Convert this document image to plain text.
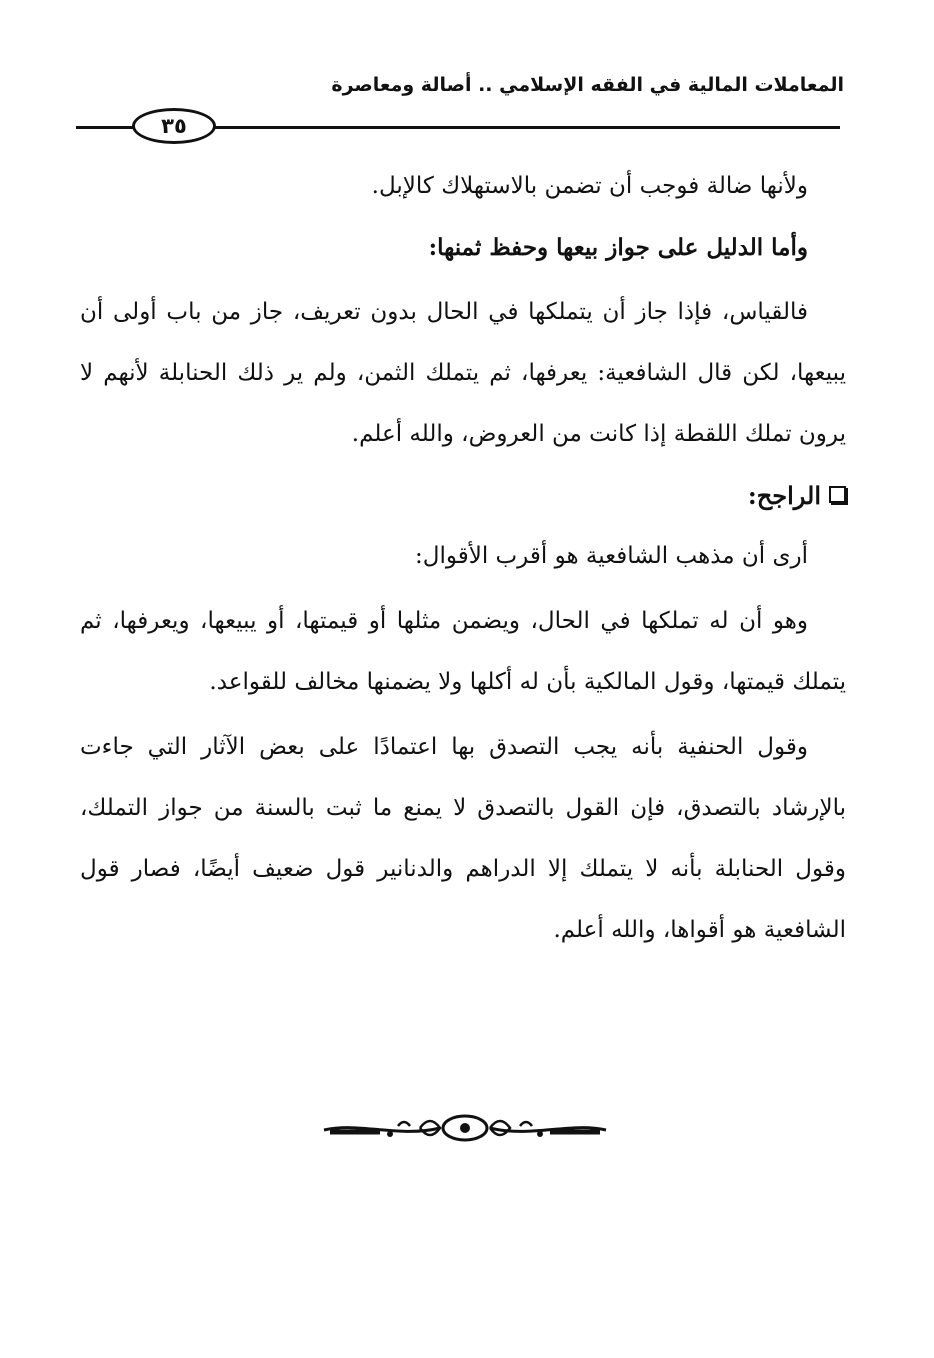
المعاملات المالية في الفقه الإسلامي .. أصالة ومعاصرة
٣٥

ولأنها ضالة فوجب أن تضمن بالاستهلاك كالإبل.

وأما الدليل على جواز بيعها وحفظ ثمنها:

فالقياس، فإذا جاز أن يتملكها في الحال بدون تعريف، جاز من باب أولى أن يبيعها، لكن قال الشافعية: يعرفها، ثم يتملك الثمن، ولم ير ذلك الحنابلة لأنهم لا يرون تملك اللقطة إذا كانت من العروض، والله أعلم.

الراجح:

أرى أن مذهب الشافعية هو أقرب الأقوال:

وهو أن له تملكها في الحال، ويضمن مثلها أو قيمتها، أو يبيعها، ويعرفها، ثم يتملك قيمتها، وقول المالكية بأن له أكلها ولا يضمنها مخالف للقواعد.

وقول الحنفية بأنه يجب التصدق بها اعتمادًا على بعض الآثار التي جاءت بالإرشاد بالتصدق، فإن القول بالتصدق لا يمنع ما ثبت بالسنة من جواز التملك، وقول الحنابلة بأنه لا يتملك إلا الدراهم والدنانير قول ضعيف أيضًا، فصار قول الشافعية هو أقواها، والله أعلم.
